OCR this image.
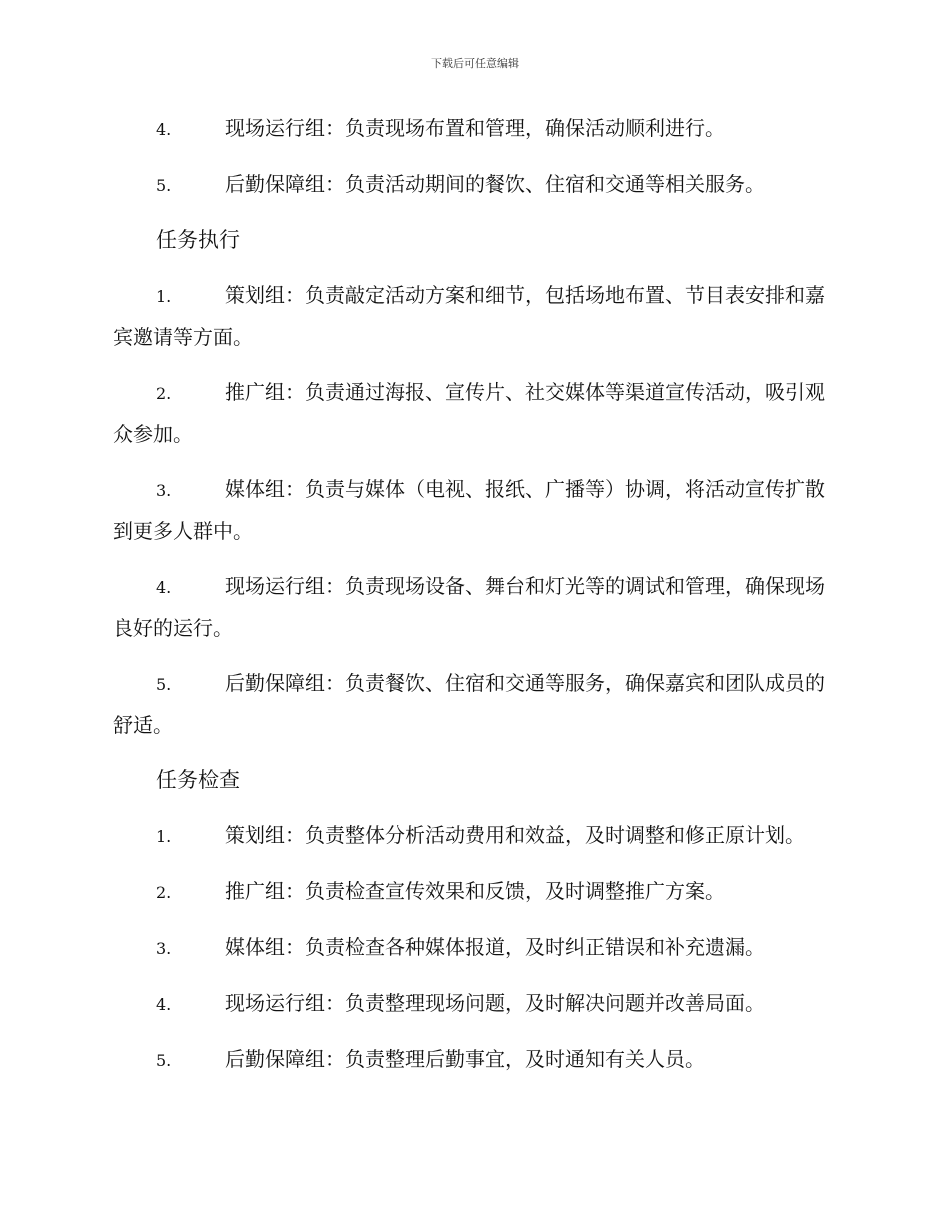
下载后可任意编辑
4.	现场运行组：负责现场布置和管理，确保活动顺利进行。
5.	后勤保障组：负责活动期间的餐饮、住宿和交通等相关服务。
任务执行
1.	策划组：负责敲定活动方案和细节，包括场地布置、节目表安排和嘉宾邀请等方面。
2.	推广组：负责通过海报、宣传片、社交媒体等渠道宣传活动，吸引观众参加。
3.	媒体组：负责与媒体（电视、报纸、广播等）协调，将活动宣传扩散到更多人群中。
4.	现场运行组：负责现场设备、舞台和灯光等的调试和管理，确保现场良好的运行。
5.	后勤保障组：负责餐饮、住宿和交通等服务，确保嘉宾和团队成员的舒适。
任务检查
1.	策划组：负责整体分析活动费用和效益，及时调整和修正原计划。
2.	推广组：负责检查宣传效果和反馈，及时调整推广方案。
3.	媒体组：负责检查各种媒体报道，及时纠正错误和补充遗漏。
4.	现场运行组：负责整理现场问题，及时解决问题并改善局面。
5.	后勤保障组：负责整理后勤事宜，及时通知有关人员。
